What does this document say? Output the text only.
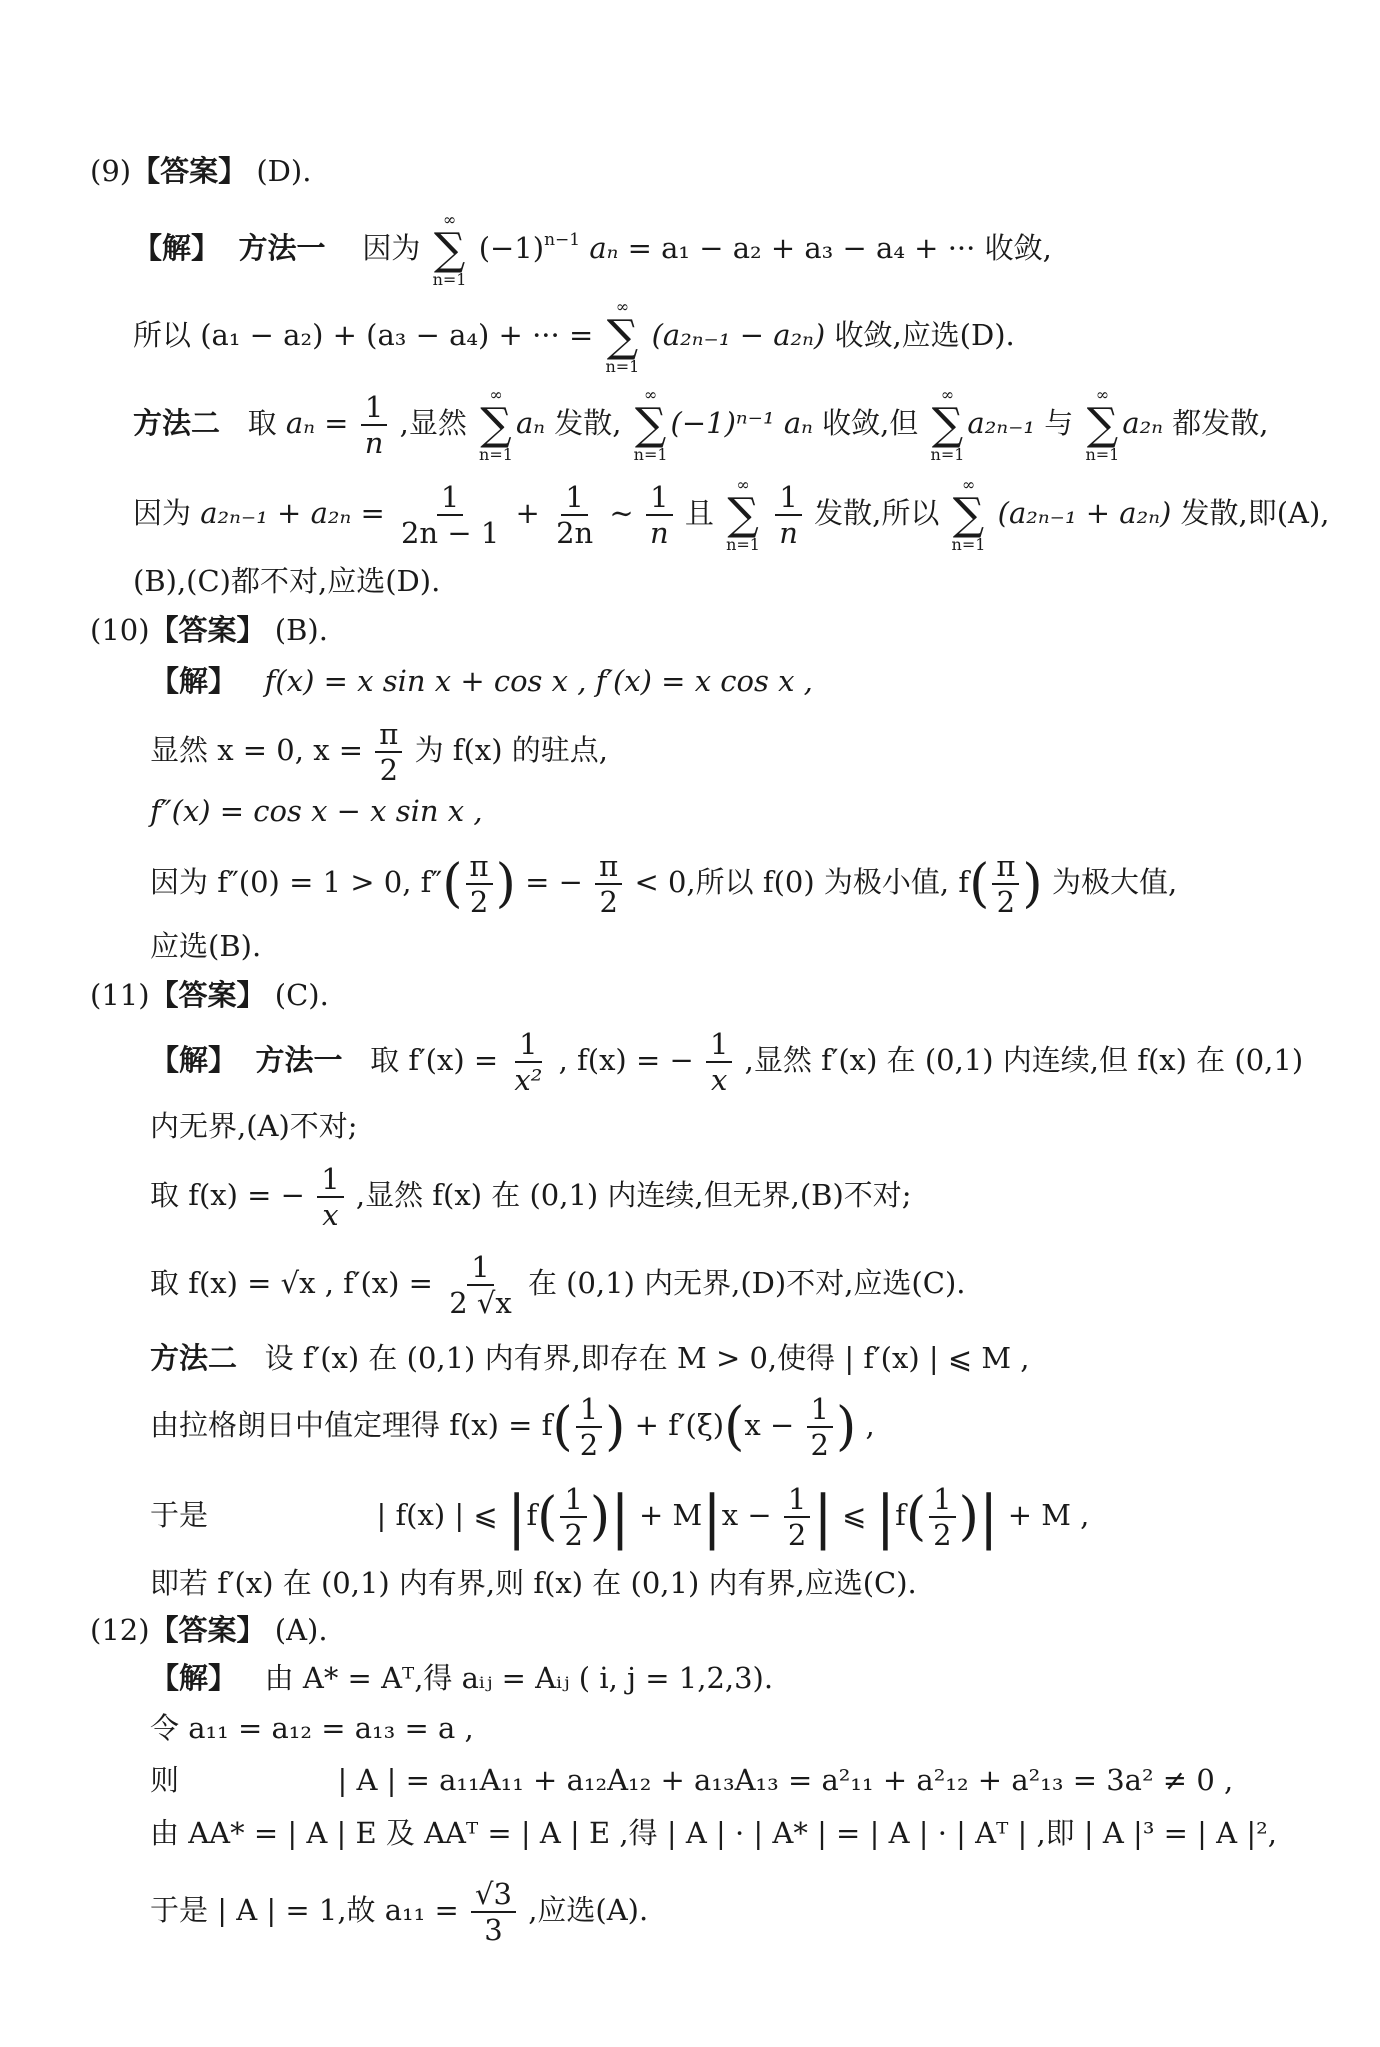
(9)【答案】 (D).
【解】 方法一 因为
∞
∑
n=1
$(-1)^{n-1}$ aₙ = a₁ − a₂ + a₃ − a₄ + ··· 收敛,
所以 (a₁ − a₂) + (a₃ − a₄) + ··· =
∞
∑
n=1
(a₂ₙ₋₁ − a₂ₙ) 收敛,应选(D).
方法二 取 $a_n = \frac{1}{n}$ ,显然
∞
∑
n=1
aₙ 发散,
∞
∑
n=1
(−1)ⁿ⁻¹ aₙ 收敛,但
∞
∑
n=1
a₂ₙ₋₁ 与
∞
∑
n=1
a₂ₙ 都发散,
因为 $a_{2n-1} + a_{2n} = \frac{1}{2n - 1} + \frac{1}{2n}$ ∼ $\frac{1}{n}$ 且
∞
∑
n=1
$\frac{1}{n}$ 发散,所以
∞
∑
n=1
(a₂ₙ₋₁ + a₂ₙ) 发散,即(A),
(B),(C)都不对,应选(D).
(10)【答案】 (B).
【解】 f(x) = x sin x + cos x , f′(x) = x cos x ,
显然 x = 0, $x = \frac{\pi}{2}$ 为 f(x) 的驻点,
f″(x) = cos x − x sin x ,
因为 f″(0) = 1 > 0, $f''( \frac{\pi}{2}$ ) = − $\frac{\pi}{2} < 0$,所以 f(0) 为极小值, $f( \frac{\pi}{2}$ ) 为极大值,
应选(B).
(11)【答案】 (C).
【解】 方法一 取 $f'(x) = \frac{1}{\text{x²}}$ , f(x) = − $\frac{1}{x}$ ,显然 f′(x) 在 (0,1) 内连续,但 f(x) 在 (0,1)
内无界,(A)不对;
取 f(x) = − $\frac{1}{x}$ ,显然 f(x) 在 (0,1) 内连续,但无界,(B)不对;
取 f(x) = √x , $f'(x) = \frac{1}{2 √x}$ 在 (0,1) 内无界,(D)不对,应选(C).
方法二 设 f′(x) 在 (0,1) 内有界,即存在 M > 0,使得 | f′(x) | ⩽ M ,
由拉格朗日中值定理得 $f(x) = f( \frac{1}{2}$ ) + $f'(\xi)(x - \frac{1}{2}$ ) ,
于是	| f(x) | ⩽ $|f( \frac{1}{2}$ )| + $M|x - \frac{1}{2}$ | ⩽ $|f( \frac{1}{2}$ )| + M ,
即若 f′(x) 在 (0,1) 内有界,则 f(x) 在 (0,1) 内有界,应选(C).
(12)【答案】 (A).
【解】 由 A* = Aᵀ,得 aᵢⱼ = Aᵢⱼ ( i, j = 1,2,3).
令 a₁₁ = a₁₂ = a₁₃ = a ,
则	| A | = a₁₁A₁₁ + a₁₂A₁₂ + a₁₃A₁₃ = a²₁₁ + a²₁₂ + a²₁₃ = 3a² ≠ 0 ,
由 AA* = | A | E 及 AAᵀ = | A | E ,得 | A | · | A* | = | A | · | Aᵀ | ,即 | A |³ = | A |²,
于是 | A | = 1,故 $a_{11} = \frac{√3}{3}$ ,应选(A).
